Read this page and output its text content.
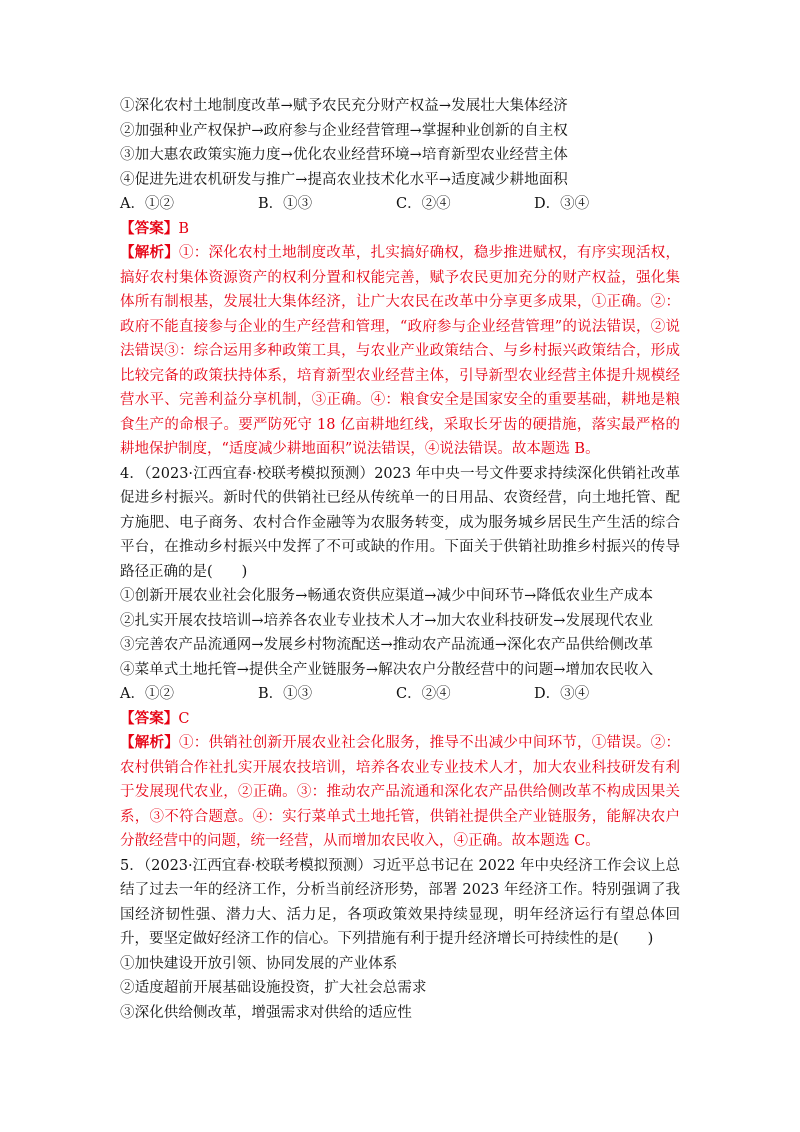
①深化农村土地制度改革→赋予农民充分财产权益→发展壮大集体经济
②加强种业产权保护→政府参与企业经营管理→掌握种业创新的自主权
③加大惠农政策实施力度→优化农业经营环境→培育新型农业经营主体
④促进先进农机研发与推广→提高农业技术化水平→适度减少耕地面积
A．①②	B．①③	C．②④	D．③④
【答案】B
【解析】①：深化农村土地制度改革，扎实搞好确权，稳步推进赋权，有序实现活权，搞好农村集体资源资产的权利分置和权能完善，赋予农民更加充分的财产权益，强化集体所有制根基，发展壮大集体经济，让广大农民在改革中分享更多成果，①正确。②：政府不能直接参与企业的生产经营和管理，“政府参与企业经营管理”的说法错误，②说法错误③：综合运用多种政策工具，与农业产业政策结合、与乡村振兴政策结合，形成比较完备的政策扶持体系，培育新型农业经营主体，引导新型农业经营主体提升规模经营水平、完善利益分享机制，③正确。④：粮食安全是国家安全的重要基础，耕地是粮食生产的命根子。要严防死守 18 亿亩耕地红线，采取长牙齿的硬措施，落实最严格的耕地保护制度，“适度减少耕地面积”说法错误，④说法错误。故本题选 B。
4．（2023·江西宜春·校联考模拟预测）2023 年中央一号文件要求持续深化供销社改革促进乡村振兴。新时代的供销社已经从传统单一的日用品、农资经营，向土地托管、配方施肥、电子商务、农村合作金融等为农服务转变，成为服务城乡居民生产生活的综合平台，在推动乡村振兴中发挥了不可或缺的作用。下面关于供销社助推乡村振兴的传导路径正确的是(　　)
①创新开展农业社会化服务→畅通农资供应渠道→减少中间环节→降低农业生产成本
②扎实开展农技培训→培养各农业专业技术人才→加大农业科技研发→发展现代农业
③完善农产品流通网→发展乡村物流配送→推动农产品流通→深化农产品供给侧改革
④菜单式土地托管→提供全产业链服务→解决农户分散经营中的问题→增加农民收入
A．①②	B．①③	C．②④	D．③④
【答案】C
【解析】①：供销社创新开展农业社会化服务，推导不出减少中间环节，①错误。②：农村供销合作社扎实开展农技培训，培养各农业专业技术人才，加大农业科技研发有利于发展现代农业，②正确。③：推动农产品流通和深化农产品供给侧改革不构成因果关系，③不符合题意。④：实行菜单式土地托管，供销社提供全产业链服务，能解决农户分散经营中的问题，统一经营，从而增加农民收入，④正确。故本题选 C。
5．（2023·江西宜春·校联考模拟预测）习近平总书记在 2022 年中央经济工作会议上总结了过去一年的经济工作，分析当前经济形势，部署 2023 年经济工作。特别强调了我国经济韧性强、潜力大、活力足，各项政策效果持续显现，明年经济运行有望总体回升，要坚定做好经济工作的信心。下列措施有利于提升经济增长可持续性的是(　　)
①加快建设开放引领、协同发展的产业体系
②适度超前开展基础设施投资，扩大社会总需求
③深化供给侧改革，增强需求对供给的适应性
